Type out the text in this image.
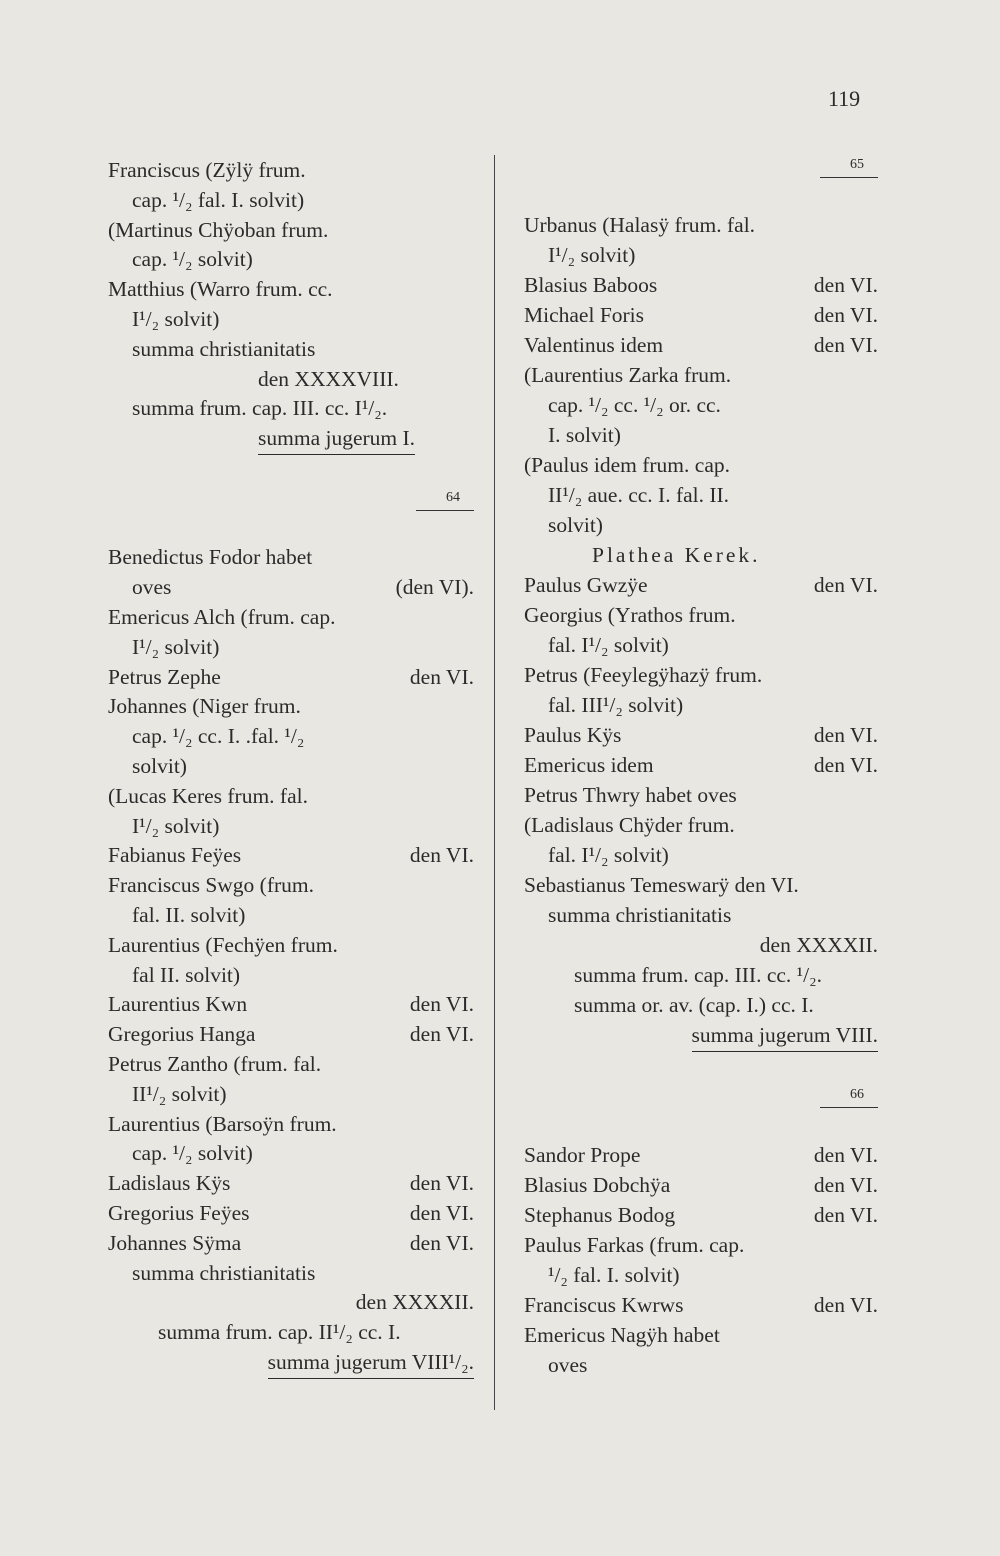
119
Franciscus (Zÿlÿ frum.
cap. ¹/₂ fal. I. solvit)
(Martinus Chÿoban frum.
cap. ¹/₂ solvit)
Matthius (Warro frum. cc.
I¹/₂ solvit)
summa christianitatis
den XXXXVIII.
summa frum. cap. III. cc. I¹/₂.
summa jugerum I.
64
Benedictus Fodor habet
oves	(den VI).
Emericus Alch (frum. cap.
I¹/₂ solvit)
Petrus Zephe	den VI.
Johannes (Niger frum.
cap. ¹/₂ cc. I. .fal. ¹/₂
solvit)
(Lucas Keres frum. fal.
I¹/₂ solvit)
Fabianus Feÿes	den VI.
Franciscus Swgo (frum.
fal. II. solvit)
Laurentius (Fechÿen frum.
fal II. solvit)
Laurentius Kwn	den VI.
Gregorius Hanga	den VI.
Petrus Zantho (frum. fal.
II¹/₂ solvit)
Laurentius (Barsoÿn frum.
cap. ¹/₂ solvit)
Ladislaus Kÿs	den VI.
Gregorius Feÿes	den VI.
Johannes Sÿma	den VI.
summa christianitatis
den XXXXII.
summa frum. cap. II¹/₂ cc. I.
summa jugerum VIII¹/₂.
65
Urbanus (Halasÿ frum. fal.
I¹/₂ solvit)
Blasius Baboos	den VI.
Michael Foris	den VI.
Valentinus idem	den VI.
(Laurentius Zarka frum.
cap. ¹/₂ cc. ¹/₂ or. cc.
I. solvit)
(Paulus idem frum. cap.
II¹/₂ aue. cc. I. fal. II.
solvit)
Plathea Kerek.
Paulus Gwzÿe	den VI.
Georgius (Yrathos frum.
fal. I¹/₂ solvit)
Petrus (Feeylegÿhazÿ frum.
fal. III¹/₂ solvit)
Paulus Kÿs	den VI.
Emericus idem	den VI.
Petrus Thwry habet oves
(Ladislaus Chÿder frum.
fal. I¹/₂ solvit)
Sebastianus Temeswarÿ den VI.
summa christianitatis
den XXXXII.
summa frum. cap. III. cc. ¹/₂.
summa or. av. (cap. I.) cc. I.
summa jugerum VIII.
66
Sandor Prope	den VI.
Blasius Dobchÿa	den VI.
Stephanus Bodog	den VI.
Paulus Farkas (frum. cap.
¹/₂ fal. I. solvit)
Franciscus Kwrws	den VI.
Emericus Nagÿh habet
oves
